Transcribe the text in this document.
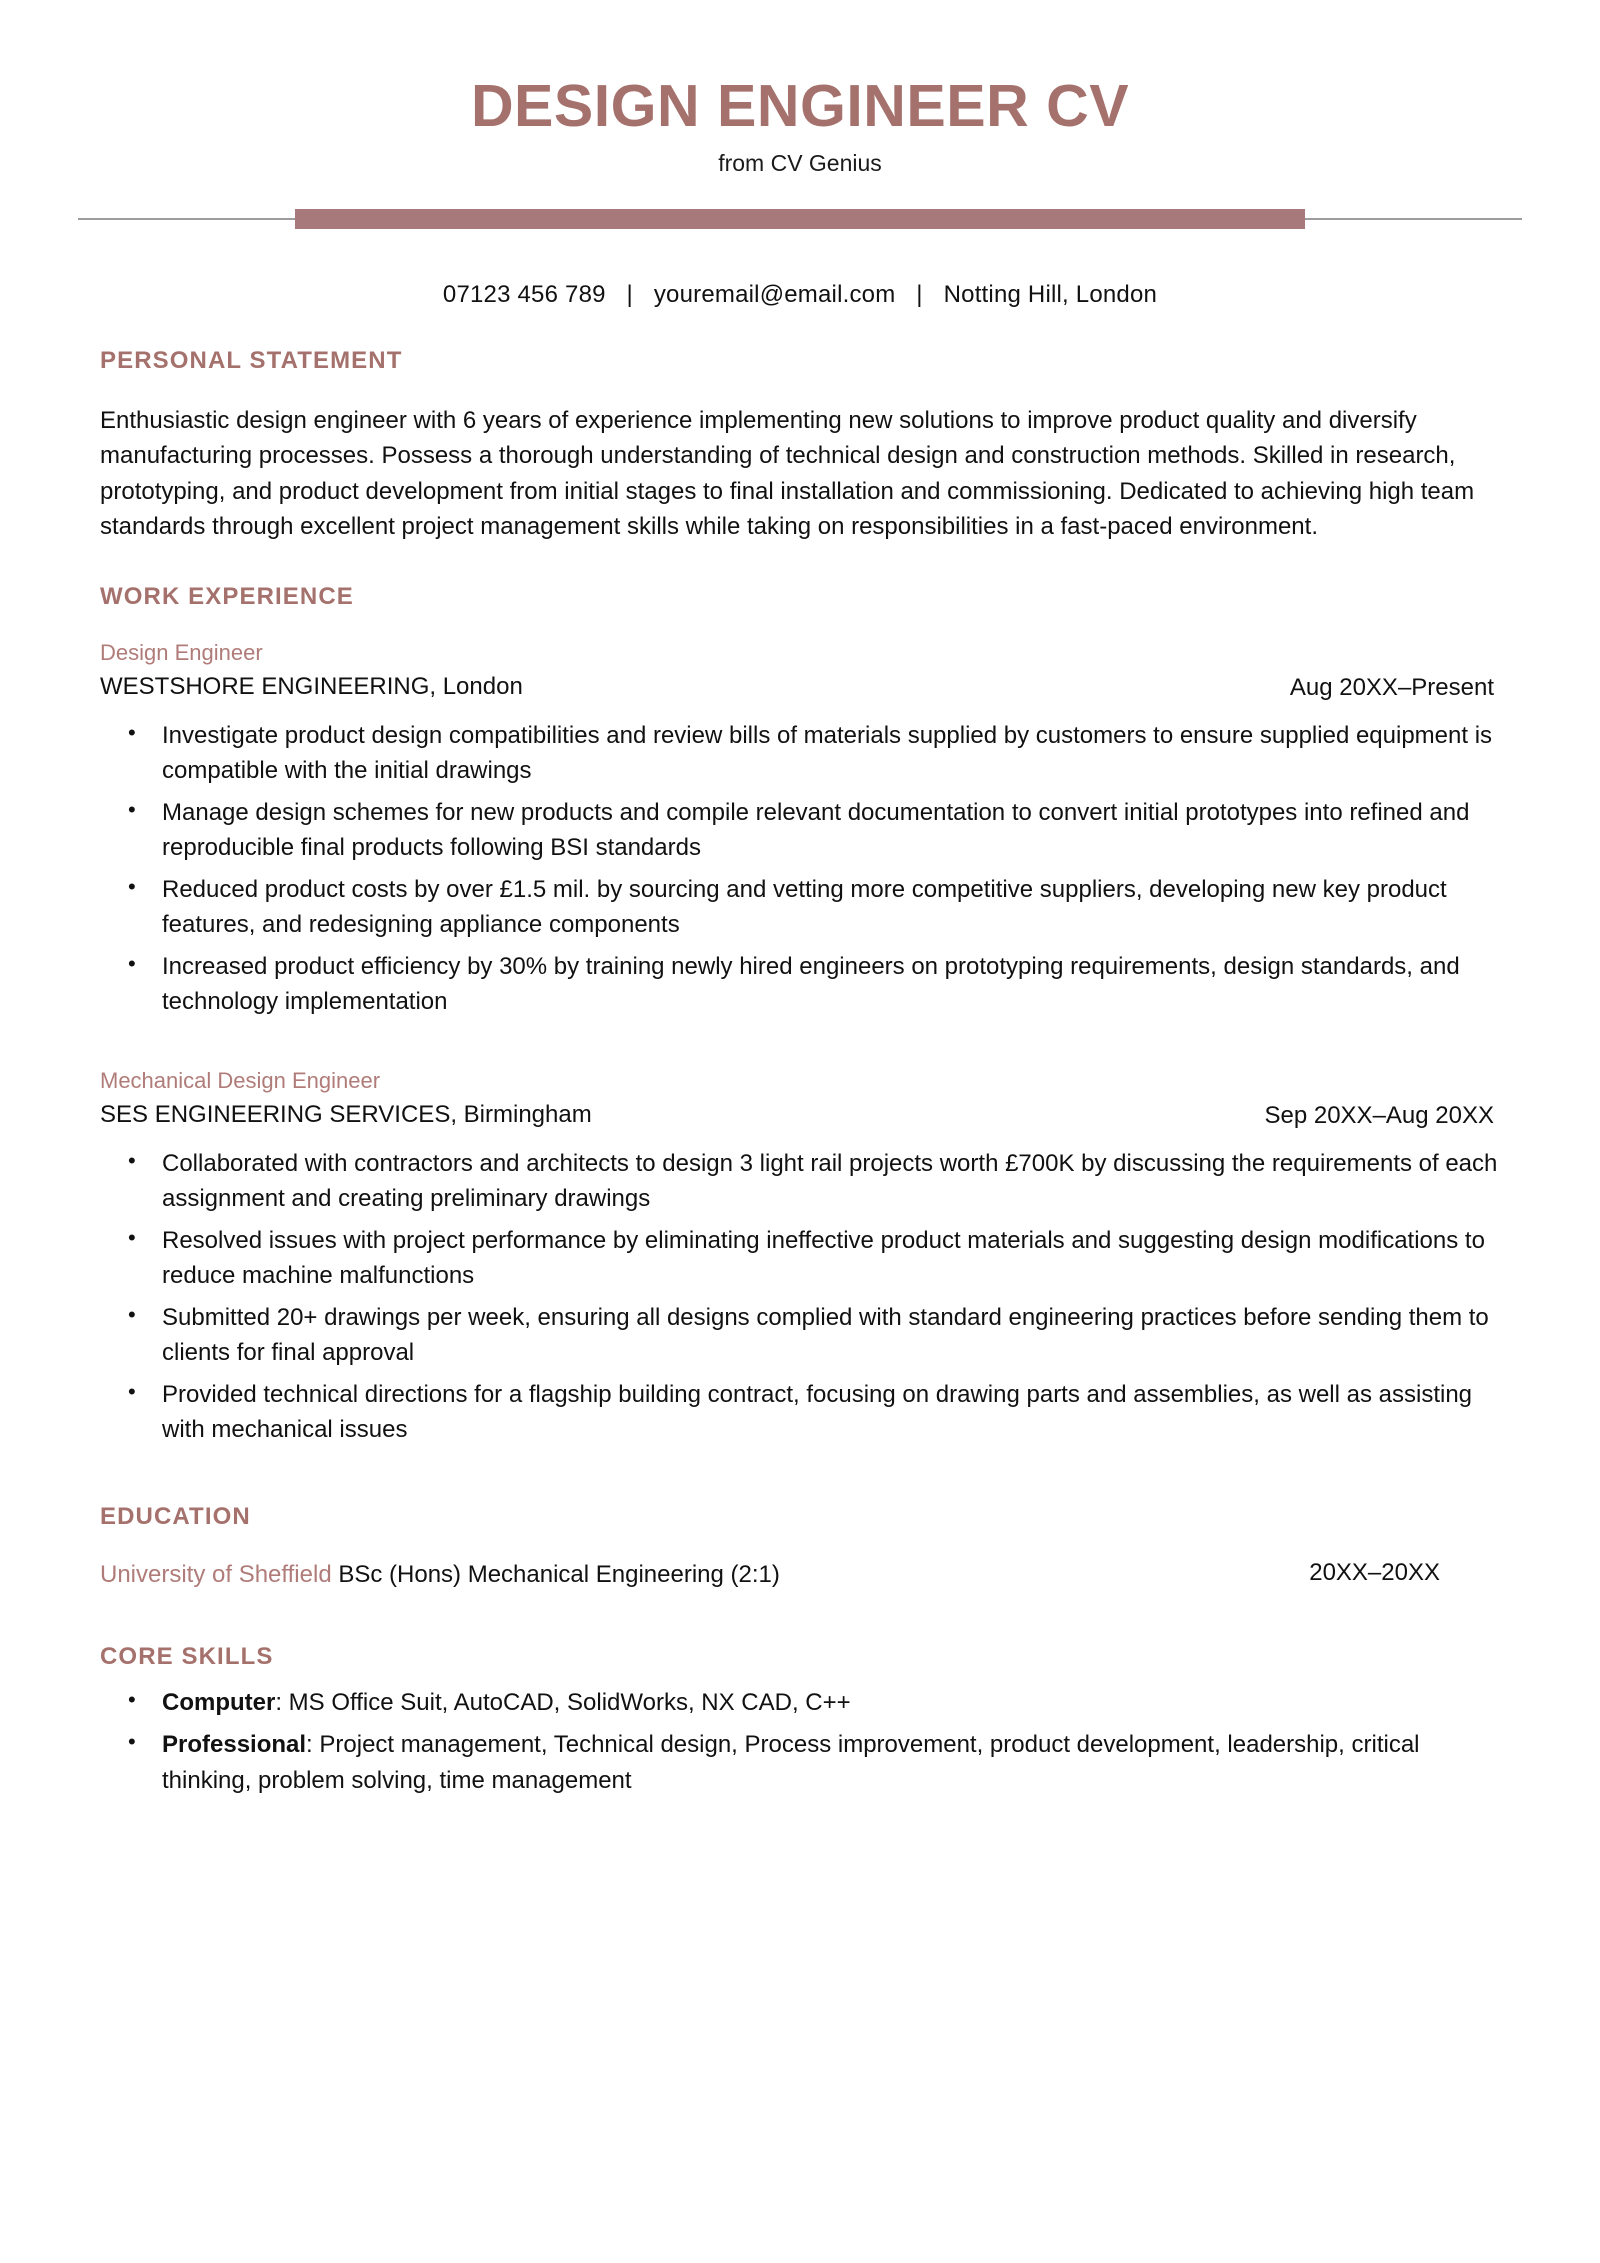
DESIGN ENGINEER CV
from CV Genius
07123 456 789 | youremail@email.com | Notting Hill, London
PERSONAL STATEMENT
Enthusiastic design engineer with 6 years of experience implementing new solutions to improve product quality and diversify manufacturing processes. Possess a thorough understanding of technical design and construction methods. Skilled in research, prototyping, and product development from initial stages to final installation and commissioning. Dedicated to achieving high team standards through excellent project management skills while taking on responsibilities in a fast-paced environment.
WORK EXPERIENCE
Design Engineer
WESTSHORE ENGINEERING, London	Aug 20XX–Present
• Investigate product design compatibilities and review bills of materials supplied by customers to ensure supplied equipment is compatible with the initial drawings
• Manage design schemes for new products and compile relevant documentation to convert initial prototypes into refined and reproducible final products following BSI standards
• Reduced product costs by over £1.5 mil. by sourcing and vetting more competitive suppliers, developing new key product features, and redesigning appliance components
• Increased product efficiency by 30% by training newly hired engineers on prototyping requirements, design standards, and technology implementation
Mechanical Design Engineer
SES ENGINEERING SERVICES, Birmingham	Sep 20XX–Aug 20XX
• Collaborated with contractors and architects to design 3 light rail projects worth £700K by discussing the requirements of each assignment and creating preliminary drawings
• Resolved issues with project performance by eliminating ineffective product materials and suggesting design modifications to reduce machine malfunctions
• Submitted 20+ drawings per week, ensuring all designs complied with standard engineering practices before sending them to clients for final approval
• Provided technical directions for a flagship building contract, focusing on drawing parts and assemblies, as well as assisting with mechanical issues
EDUCATION
University of Sheffield BSc (Hons) Mechanical Engineering (2:1)	20XX–20XX
CORE SKILLS
• Computer: MS Office Suit, AutoCAD, SolidWorks, NX CAD, C++
• Professional: Project management, Technical design, Process improvement, product development, leadership, critical thinking, problem solving, time management
